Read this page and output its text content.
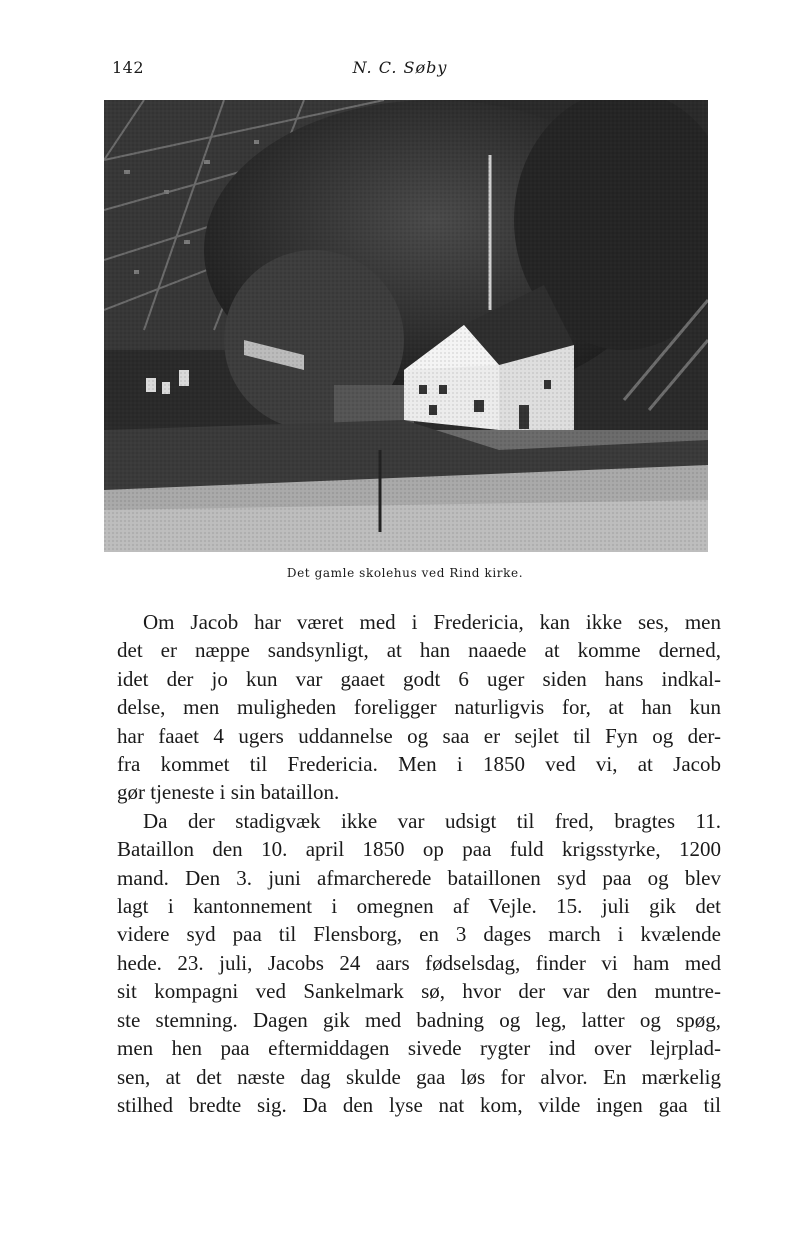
142	N. C. Søby
Det gamle skolehus ved Rind kirke.

Om Jacob har været med i Fredericia, kan ikke ses, men
det er næppe sandsynligt, at han naaede at komme derned,
idet der jo kun var gaaet godt 6 uger siden hans indkal-
delse, men muligheden foreligger naturligvis for, at han kun
har faaet 4 ugers uddannelse og saa er sejlet til Fyn og der-
fra kommet til Fredericia. Men i 1850 ved vi, at Jacob
gør tjeneste i sin bataillon.

Da der stadigvæk ikke var udsigt til fred, bragtes 11.
Bataillon den 10. april 1850 op paa fuld krigsstyrke, 1200
mand. Den 3. juni afmarcherede bataillonen syd paa og blev
lagt i kantonnement i omegnen af Vejle. 15. juli gik det
videre syd paa til Flensborg, en 3 dages march i kvælende
hede. 23. juli, Jacobs 24 aars fødselsdag, finder vi ham med
sit kompagni ved Sankelmark sø, hvor der var den muntre-
ste stemning. Dagen gik med badning og leg, latter og spøg,
men hen paa eftermiddagen sivede rygter ind over lejrplad-
sen, at det næste dag skulde gaa løs for alvor. En mærkelig
stilhed bredte sig. Da den lyse nat kom, vilde ingen gaa til
